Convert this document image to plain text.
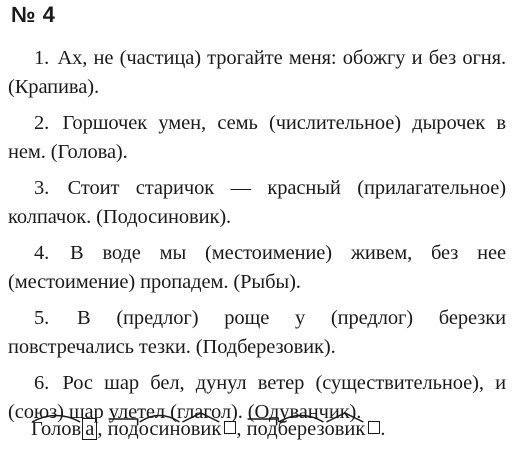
№ 4

1. Ах, не (частица) трогайте меня: обожгу и без огня. (Крапива).

2. Горшочек умен, семь (числительное) дырочек в нем. (Голова).

3. Стоит старичок — красный (прилагательное) колпачок. (Подосиновик).

4. В воде мы (местоимение) живем, без нее (местоимение) пропадем. (Рыбы).

5. В (предлог) роще у (предлог) березки повстречались тезки. (Подберезовик).

6. Рос шар бел, дунул ветер (существительное), и (союз) шар улетел (глагол). (Одуванчик).

Голов а , подосиновик , подберезовик .
